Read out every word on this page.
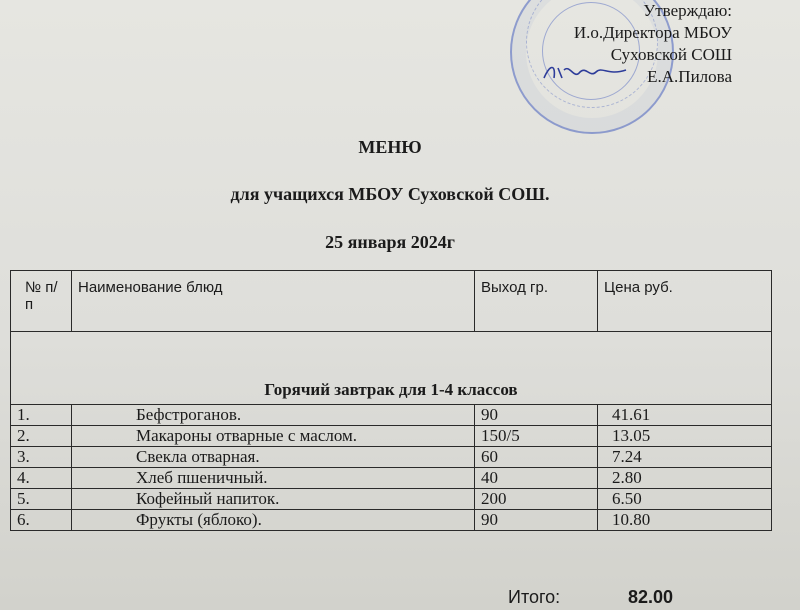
Утверждаю:
И.о.Директора МБОУ
Суховской СОШ
Е.А.Пилова
МЕНЮ
для учащихся МБОУ Суховской СОШ.
25 января 2024г
№ п/п	Наименование блюд	Выход гр.	Цена руб.
Горячий завтрак для 1-4 классов			
1.	Бефстроганов.	90	41.61
2.	Макароны отварные с маслом.	150/5	13.05
3.	Свекла отварная.	60	7.24
4.	Хлеб пшеничный.	40	2.80
5.	Кофейный напиток.	200	6.50
6.	Фрукты (яблоко).	90	10.80
Итого:	82.00
